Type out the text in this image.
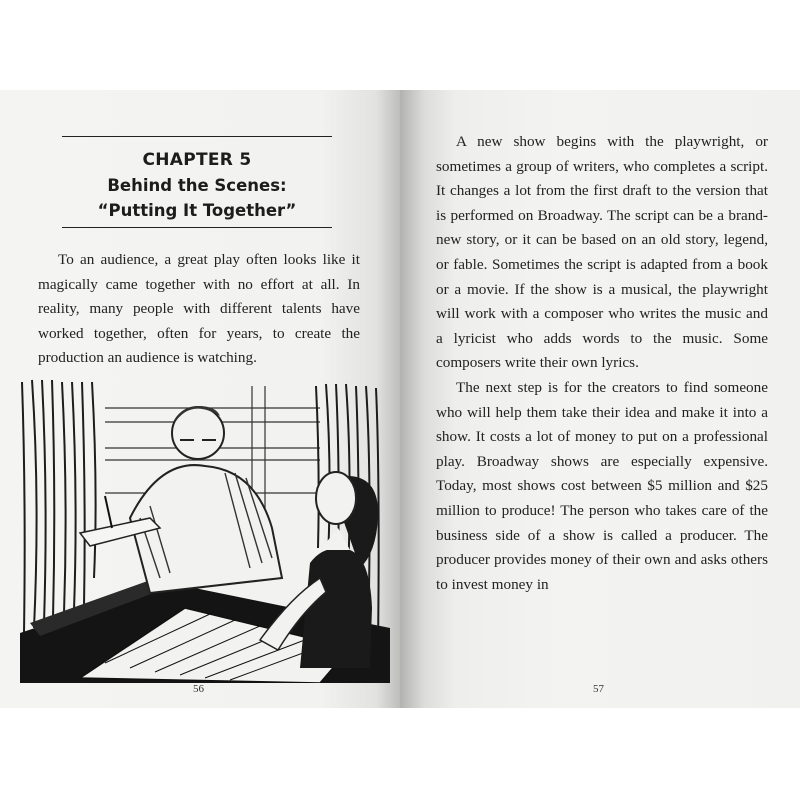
CHAPTER 5
Behind the Scenes:
“Putting It Together”

To an audience, a great play often looks like it magically came together with no effort at all. In reality, many people with different talents have worked together, often for years, to create the production an audience is watching.

56	57

A new show begins with the playwright, or sometimes a group of writers, who completes a script. It changes a lot from the first draft to the version that is performed on Broadway. The script can be a brand-new story, or it can be based on an old story, legend, or fable. Sometimes the script is adapted from a book or a movie. If the show is a musical, the playwright will work with a composer who writes the music and a lyricist who adds words to the music. Some composers write their own lyrics.

The next step is for the creators to find someone who will help them take their idea and make it into a show. It costs a lot of money to put on a professional play. Broadway shows are especially expensive. Today, most shows cost between $5 million and $25 million to produce! The person who takes care of the business side of a show is called a producer. The producer provides money of their own and asks others to invest money in
